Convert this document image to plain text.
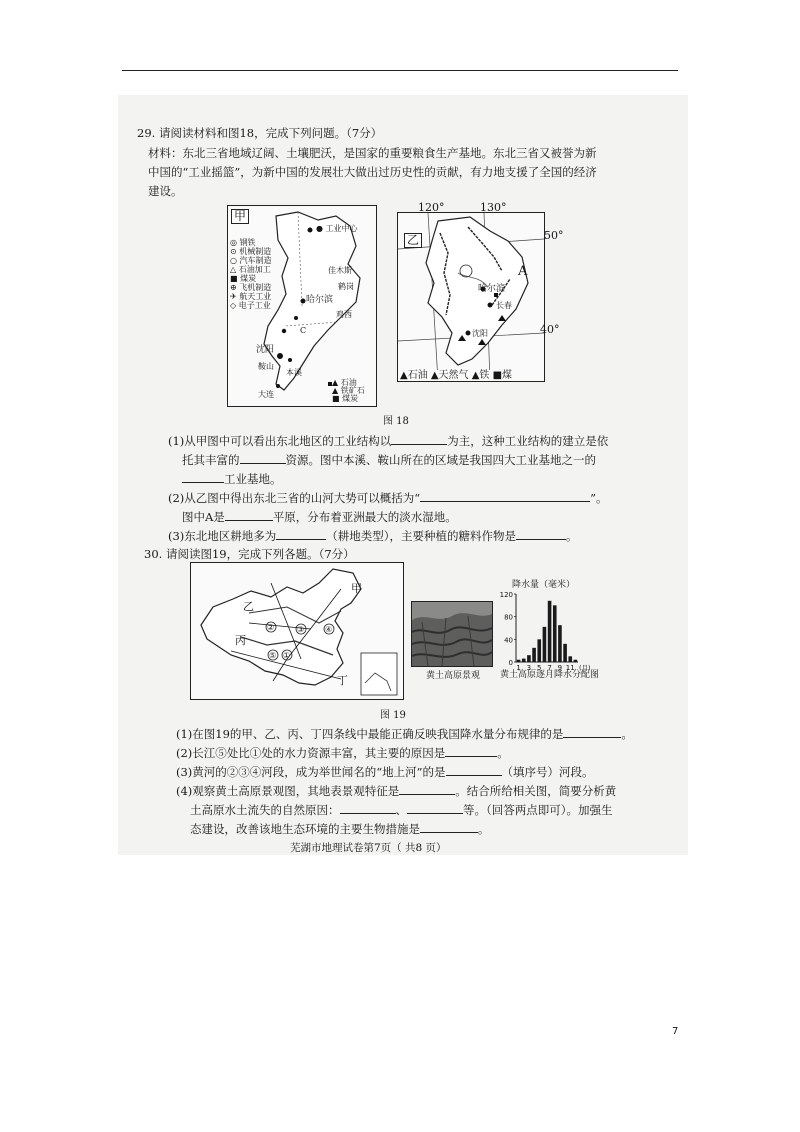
29. 请阅读材料和图18，完成下列问题。（7分）
材料：东北三省地域辽阔、土壤肥沃，是国家的重要粮食生产基地。东北三省又被誉为新
中国的“工业摇篮”，为新中国的发展壮大做出过历史性的贡献，有力地支援了全国的经济
建设。
甲
● 工业中心
◎ 钢铁
⊙ 机械制造
○ 汽车制造
△ 石油加工
■ 煤炭
⊕ 飞机制造
✈ 航天工业
◇ 电子工业
哈尔滨
鹤岗
鸡西
C
沈阳
鞍山
本溪
大连
佳木斯
▲ 石油
▲ 铁矿石
■ 煤炭
乙
A
哈尔滨
长春
沈阳
120°	130°
50°
40°
▲石油 ▲天然气 ▲铁 ■煤
图 18
(1)从甲图中可以看出东北地区的工业结构以	为主，这种工业结构的建立是依
托其丰富的	资源。图中本溪、鞍山所在的区域是我国四大工业基地之一的
工业基地。
(2)从乙图中得出东北三省的山河大势可以概括为“	”。
图中A是	平原，分布着亚洲最大的淡水湿地。
(3)东北地区耕地多为	（耕地类型），主要种植的糖料作物是	。
30. 请阅读图19，完成下列各题。（7分）
甲
乙
丙
丁
②	③	④
⑤ ①
黄土高原景观
降水量（毫米）
0
40
80
120
1 3 5 7 9 11 (月)
黄土高原逐月降水分配图
图 19
(1)在图19的甲、乙、丙、丁四条线中最能正确反映我国降水量分布规律的是	。
(2)长江⑤处比①处的水力资源丰富，其主要的原因是	。
(3)黄河的②③④河段，成为举世闻名的“地上河”的是	（填序号）河段。
(4)观察黄土高原景观图，其地表景观特征是	。结合所给相关图，简要分析黄
土高原水土流失的自然原因：	、	等。（回答两点即可）。加强生
态建设，改善该地生态环境的主要生物措施是	。
芜湖市地理试卷第7页（ 共8 页）
7
